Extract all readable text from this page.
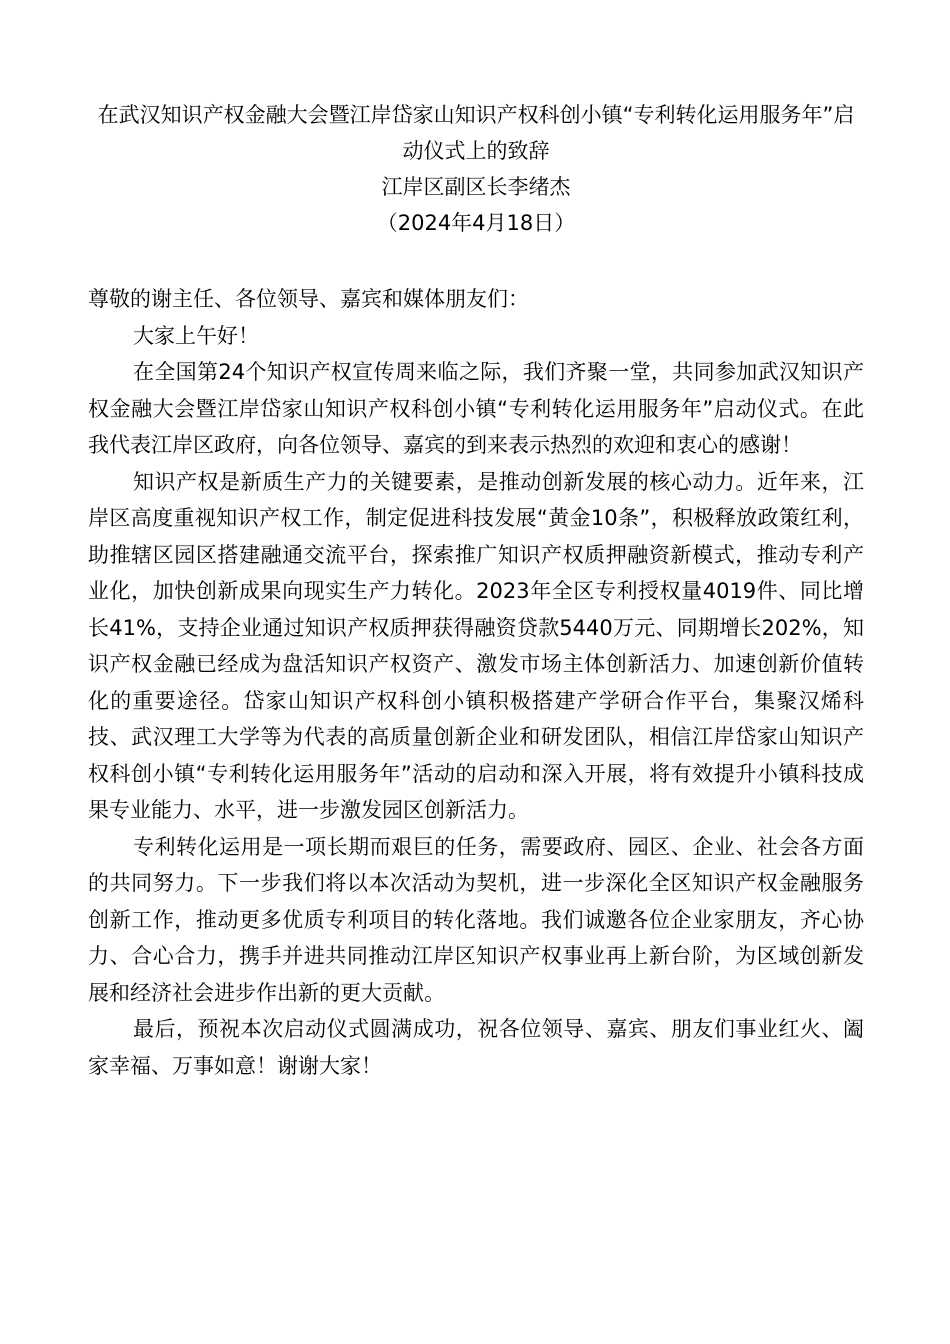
在武汉知识产权金融大会暨江岸岱家山知识产权科创小镇“专利转化运用服务年”启动仪式上的致辞
江岸区副区长李绪杰
（2024年4月18日）

尊敬的谢主任、各位领导、嘉宾和媒体朋友们：

大家上午好！

在全国第24个知识产权宣传周来临之际，我们齐聚一堂，共同参加武汉知识产权金融大会暨江岸岱家山知识产权科创小镇“专利转化运用服务年”启动仪式。在此我代表江岸区政府，向各位领导、嘉宾的到来表示热烈的欢迎和衷心的感谢！

知识产权是新质生产力的关键要素，是推动创新发展的核心动力。近年来，江岸区高度重视知识产权工作，制定促进科技发展“黄金10条”，积极释放政策红利，助推辖区园区搭建融通交流平台，探索推广知识产权质押融资新模式，推动专利产业化，加快创新成果向现实生产力转化。2023年全区专利授权量4019件、同比增长41%，支持企业通过知识产权质押获得融资贷款5440万元、同期增长202%，知识产权金融已经成为盘活知识产权资产、激发市场主体创新活力、加速创新价值转化的重要途径。岱家山知识产权科创小镇积极搭建产学研合作平台，集聚汉烯科技、武汉理工大学等为代表的高质量创新企业和研发团队，相信江岸岱家山知识产权科创小镇“专利转化运用服务年”活动的启动和深入开展，将有效提升小镇科技成果专业能力、水平，进一步激发园区创新活力。

专利转化运用是一项长期而艰巨的任务，需要政府、园区、企业、社会各方面的共同努力。下一步我们将以本次活动为契机，进一步深化全区知识产权金融服务创新工作，推动更多优质专利项目的转化落地。我们诚邀各位企业家朋友，齐心协力、合心合力，携手并进共同推动江岸区知识产权事业再上新台阶，为区域创新发展和经济社会进步作出新的更大贡献。

最后，预祝本次启动仪式圆满成功，祝各位领导、嘉宾、朋友们事业红火、阖家幸福、万事如意！谢谢大家！
